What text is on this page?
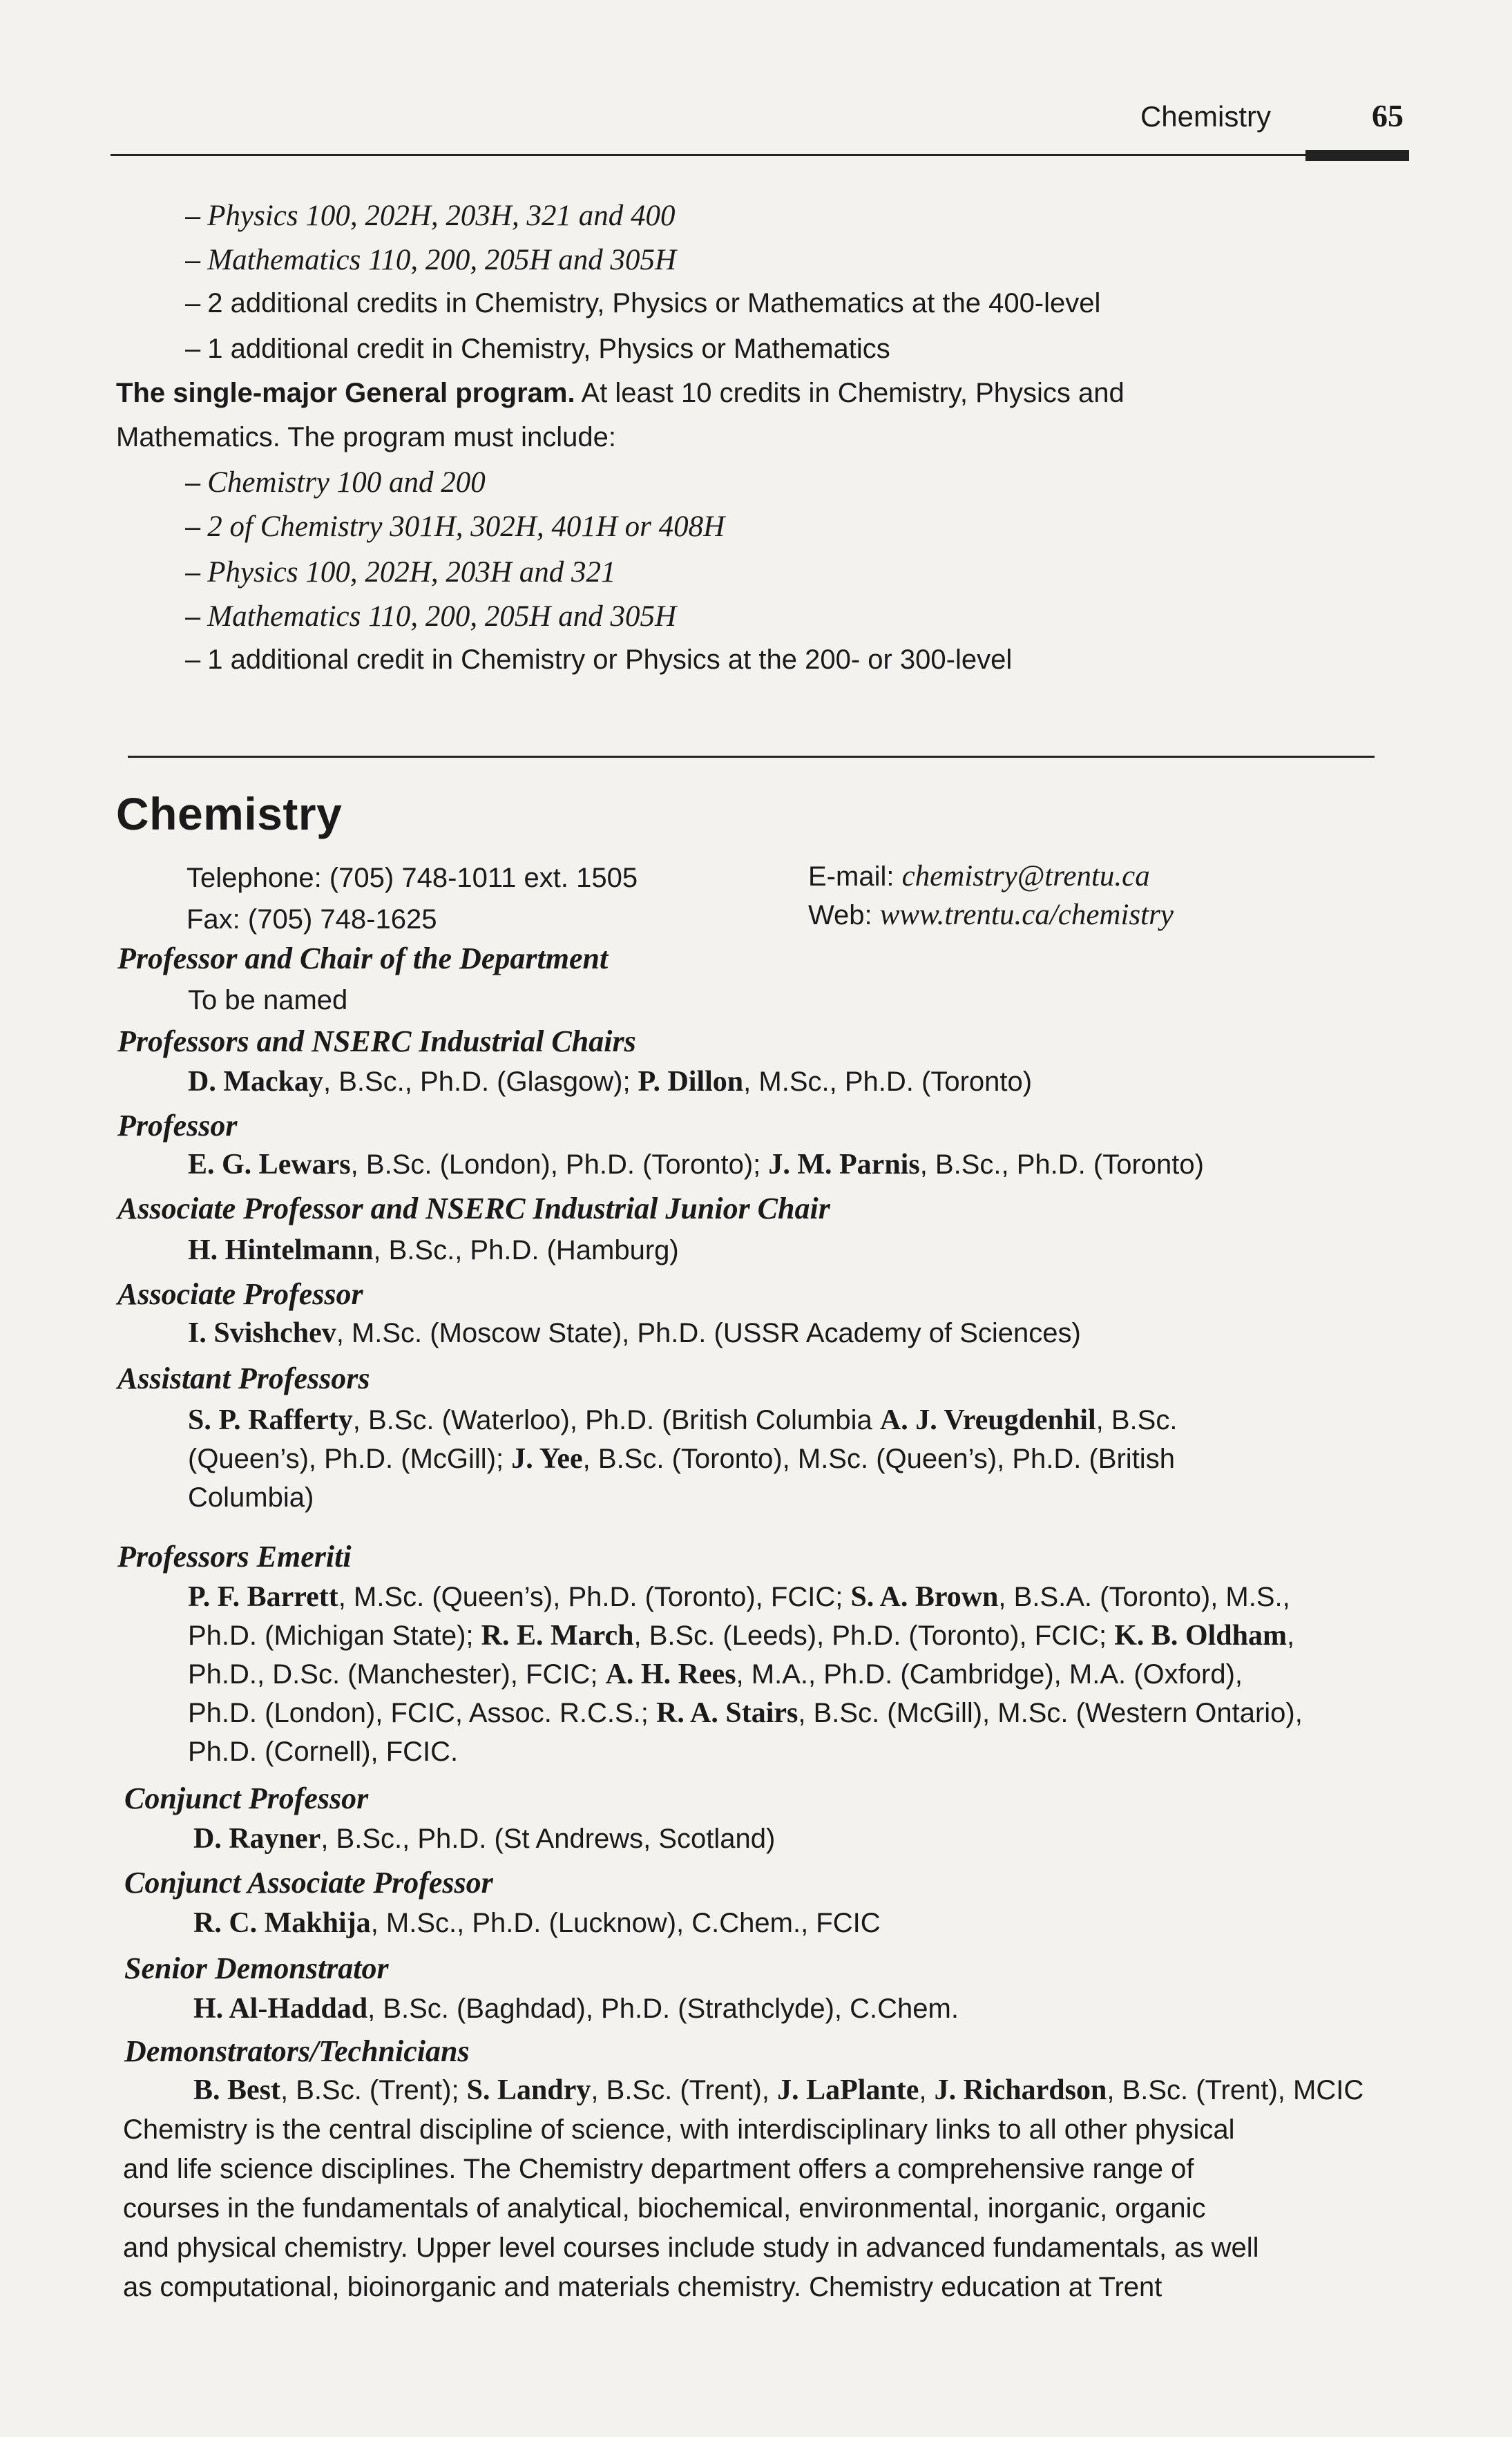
Chemistry	65
– Physics 100, 202H, 203H, 321 and 400
– Mathematics 110, 200, 205H and 305H
– 2 additional credits in Chemistry, Physics or Mathematics at the 400-level
– 1 additional credit in Chemistry, Physics or Mathematics
The single-major General program. At least 10 credits in Chemistry, Physics and
Mathematics. The program must include:
– Chemistry 100 and 200
– 2 of Chemistry 301H, 302H, 401H or 408H
– Physics 100, 202H, 203H and 321
– Mathematics 110, 200, 205H and 305H
– 1 additional credit in Chemistry or Physics at the 200- or 300-level
Chemistry
Telephone: (705) 748-1011 ext. 1505
Fax: (705) 748-1625
E-mail: chemistry@trentu.ca
Web: www.trentu.ca/chemistry
Professor and Chair of the Department
To be named
Professors and NSERC Industrial Chairs
D. Mackay, B.Sc., Ph.D. (Glasgow); P. Dillon, M.Sc., Ph.D. (Toronto)
Professor
E. G. Lewars, B.Sc. (London), Ph.D. (Toronto); J. M. Parnis, B.Sc., Ph.D. (Toronto)
Associate Professor and NSERC Industrial Junior Chair
H. Hintelmann, B.Sc., Ph.D. (Hamburg)
Associate Professor
I. Svishchev, M.Sc. (Moscow State), Ph.D. (USSR Academy of Sciences)
Assistant Professors
S. P. Rafferty, B.Sc. (Waterloo), Ph.D. (British Columbia A. J. Vreugdenhil, B.Sc.
(Queen’s), Ph.D. (McGill); J. Yee, B.Sc. (Toronto), M.Sc. (Queen’s), Ph.D. (British
Columbia)
Professors Emeriti
P. F. Barrett, M.Sc. (Queen’s), Ph.D. (Toronto), FCIC; S. A. Brown, B.S.A. (Toronto), M.S.,
Ph.D. (Michigan State); R. E. March, B.Sc. (Leeds), Ph.D. (Toronto), FCIC; K. B. Oldham,
Ph.D., D.Sc. (Manchester), FCIC; A. H. Rees, M.A., Ph.D. (Cambridge), M.A. (Oxford),
Ph.D. (London), FCIC, Assoc. R.C.S.; R. A. Stairs, B.Sc. (McGill), M.Sc. (Western Ontario),
Ph.D. (Cornell), FCIC.
Conjunct Professor
D. Rayner, B.Sc., Ph.D. (St Andrews, Scotland)
Conjunct Associate Professor
R. C. Makhija, M.Sc., Ph.D. (Lucknow), C.Chem., FCIC
Senior Demonstrator
H. Al-Haddad, B.Sc. (Baghdad), Ph.D. (Strathclyde), C.Chem.
Demonstrators/Technicians
B. Best, B.Sc. (Trent); S. Landry, B.Sc. (Trent), J. LaPlante, J. Richardson, B.Sc. (Trent), MCIC
Chemistry is the central discipline of science, with interdisciplinary links to all other physical
and life science disciplines. The Chemistry department offers a comprehensive range of
courses in the fundamentals of analytical, biochemical, environmental, inorganic, organic
and physical chemistry. Upper level courses include study in advanced fundamentals, as well
as computational, bioinorganic and materials chemistry. Chemistry education at Trent
